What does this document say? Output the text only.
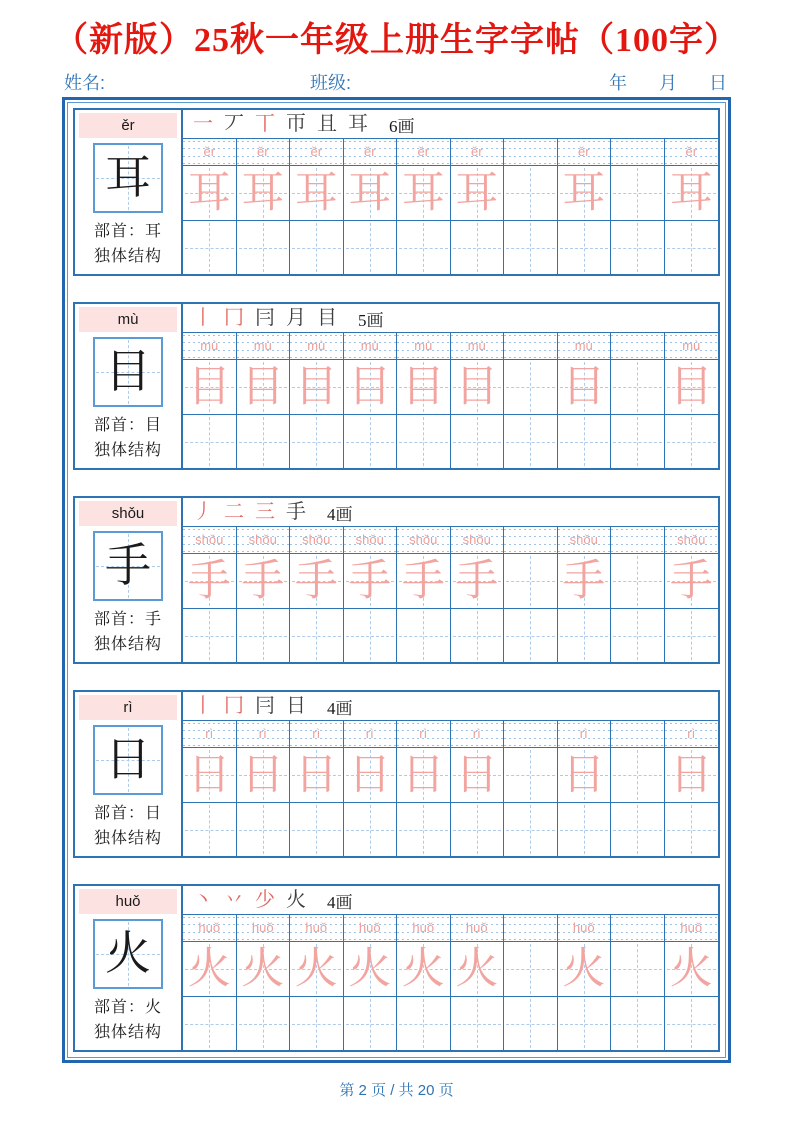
（新版）25秋一年级上册生字字帖（100字）
姓名:	班级:	年 月 日
ěr
耳
部首：耳
独体结构
一 丆 丅 帀 且 耳 6画
ěr	ěr	ěr	ěr	ěr	ěr	ěr	ěr
耳 耳 耳 耳 耳 耳 耳 耳
mù
目
部首：目
独体结构
丨 冂 冃 月 目 5画
mù	mù	mù	mù	mù	mù	mù	mù
目 目 目 目 目 目 目 目
shǒu
手
部首：手
独体结构
丿 二 三 手 4画
shǒu	shǒu	shǒu	shǒu	shǒu	shǒu	shǒu	shǒu
手 手 手 手 手 手 手 手
rì
日
部首：日
独体结构
丨 冂 冃 日 4画
rì	rì	rì	rì	rì	rì	rì	rì
日 日 日 日 日 日 日 日
huǒ
火
部首：火
独体结构
丶 丷 少 火 4画
huǒ	huǒ	huǒ	huǒ	huǒ	huǒ	huǒ	huǒ
火 火 火 火 火 火 火 火
第 2 页 / 共 20 页
